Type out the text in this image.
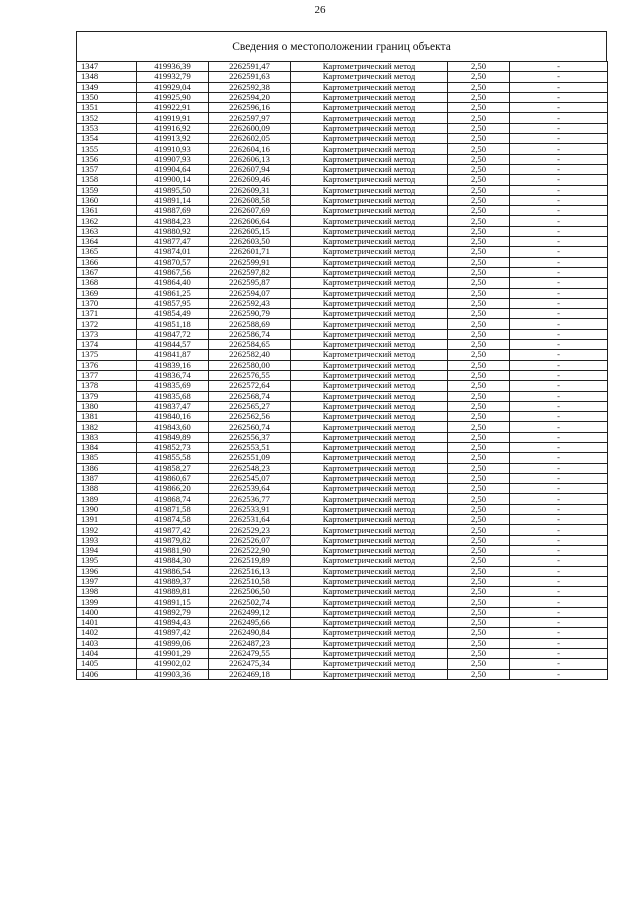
26
Сведения о местоположении границ объекта
1347	419936,39	2262591,47	Картометрический метод	2,50	-
1348	419932,79	2262591,63	Картометрический метод	2,50	-
1349	419929,04	2262592,38	Картометрический метод	2,50	-
1350	419925,90	2262594,20	Картометрический метод	2,50	-
1351	419922,91	2262596,16	Картометрический метод	2,50	-
1352	419919,91	2262597,97	Картометрический метод	2,50	-
1353	419916,92	2262600,09	Картометрический метод	2,50	-
1354	419913,92	2262602,05	Картометрический метод	2,50	-
1355	419910,93	2262604,16	Картометрический метод	2,50	-
1356	419907,93	2262606,13	Картометрический метод	2,50	-
1357	419904,64	2262607,94	Картометрический метод	2,50	-
1358	419900,14	2262609,46	Картометрический метод	2,50	-
1359	419895,50	2262609,31	Картометрический метод	2,50	-
1360	419891,14	2262608,58	Картометрический метод	2,50	-
1361	419887,69	2262607,69	Картометрический метод	2,50	-
1362	419884,23	2262606,64	Картометрический метод	2,50	-
1363	419880,92	2262605,15	Картометрический метод	2,50	-
1364	419877,47	2262603,50	Картометрический метод	2,50	-
1365	419874,01	2262601,71	Картометрический метод	2,50	-
1366	419870,57	2262599,91	Картометрический метод	2,50	-
1367	419867,56	2262597,82	Картометрический метод	2,50	-
1368	419864,40	2262595,87	Картометрический метод	2,50	-
1369	419861,25	2262594,07	Картометрический метод	2,50	-
1370	419857,95	2262592,43	Картометрический метод	2,50	-
1371	419854,49	2262590,79	Картометрический метод	2,50	-
1372	419851,18	2262588,69	Картометрический метод	2,50	-
1373	419847,72	2262586,74	Картометрический метод	2,50	-
1374	419844,57	2262584,65	Картометрический метод	2,50	-
1375	419841,87	2262582,40	Картометрический метод	2,50	-
1376	419839,16	2262580,00	Картометрический метод	2,50	-
1377	419836,74	2262576,55	Картометрический метод	2,50	-
1378	419835,69	2262572,64	Картометрический метод	2,50	-
1379	419835,68	2262568,74	Картометрический метод	2,50	-
1380	419837,47	2262565,27	Картометрический метод	2,50	-
1381	419840,16	2262562,56	Картометрический метод	2,50	-
1382	419843,60	2262560,74	Картометрический метод	2,50	-
1383	419849,89	2262556,37	Картометрический метод	2,50	-
1384	419852,73	2262553,51	Картометрический метод	2,50	-
1385	419855,58	2262551,09	Картометрический метод	2,50	-
1386	419858,27	2262548,23	Картометрический метод	2,50	-
1387	419860,67	2262545,07	Картометрический метод	2,50	-
1388	419866,20	2262539,64	Картометрический метод	2,50	-
1389	419868,74	2262536,77	Картометрический метод	2,50	-
1390	419871,58	2262533,91	Картометрический метод	2,50	-
1391	419874,58	2262531,64	Картометрический метод	2,50	-
1392	419877,42	2262529,23	Картометрический метод	2,50	-
1393	419879,82	2262526,07	Картометрический метод	2,50	-
1394	419881,90	2262522,90	Картометрический метод	2,50	-
1395	419884,30	2262519,89	Картометрический метод	2,50	-
1396	419886,54	2262516,13	Картометрический метод	2,50	-
1397	419889,37	2262510,58	Картометрический метод	2,50	-
1398	419889,81	2262506,50	Картометрический метод	2,50	-
1399	419891,15	2262502,74	Картометрический метод	2,50	-
1400	419892,79	2262499,12	Картометрический метод	2,50	-
1401	419894,43	2262495,66	Картометрический метод	2,50	-
1402	419897,42	2262490,84	Картометрический метод	2,50	-
1403	419899,06	2262487,23	Картометрический метод	2,50	-
1404	419901,29	2262479,55	Картометрический метод	2,50	-
1405	419902,02	2262475,34	Картометрический метод	2,50	-
1406	419903,36	2262469,18	Картометрический метод	2,50	-
